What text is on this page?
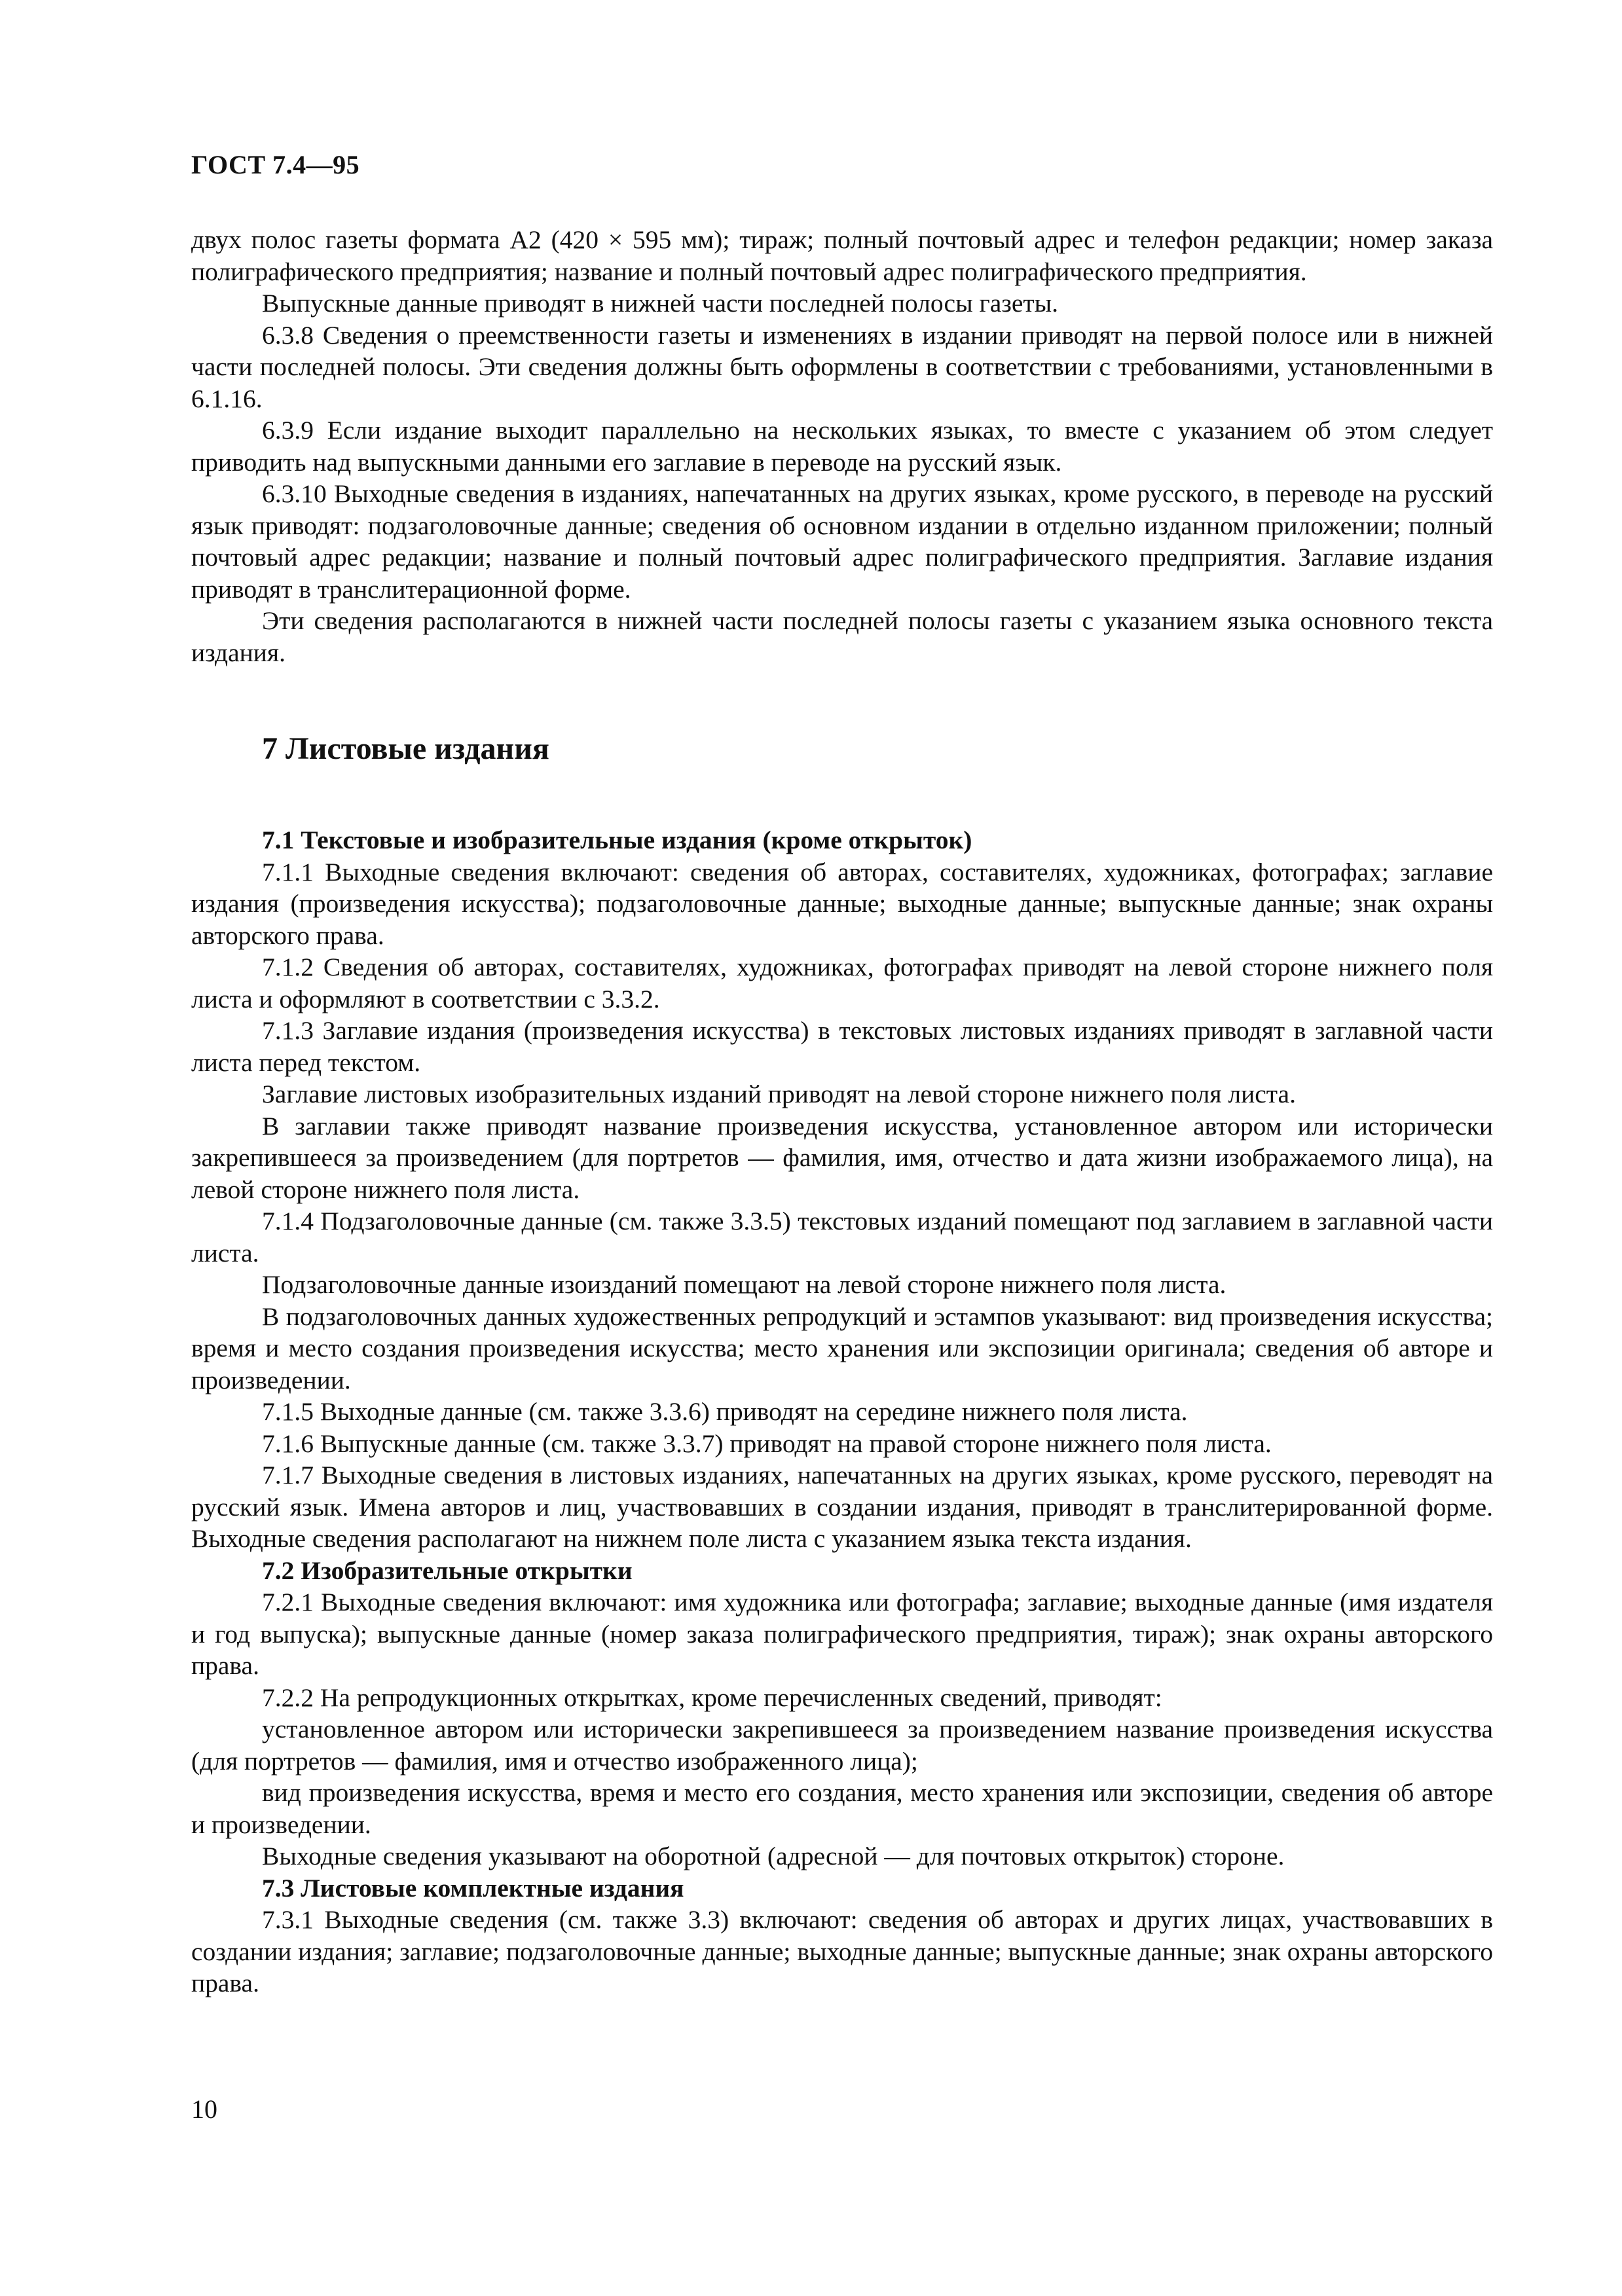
ГОСТ 7.4—95

двух полос газеты формата А2 (420 × 595 мм); тираж; полный почтовый адрес и телефон редакции; номер заказа полиграфического предприятия; название и полный почтовый адрес полиграфического предприятия.

Выпускные данные приводят в нижней части последней полосы газеты.

6.3.8 Сведения о преемственности газеты и изменениях в издании приводят на первой полосе или в нижней части последней полосы. Эти сведения должны быть оформлены в соответствии с требованиями, установленными в 6.1.16.

6.3.9 Если издание выходит параллельно на нескольких языках, то вместе с указанием об этом следует приводить над выпускными данными его заглавие в переводе на русский язык.

6.3.10 Выходные сведения в изданиях, напечатанных на других языках, кроме русского, в переводе на русский язык приводят: подзаголовочные данные; сведения об основном издании в отдельно изданном приложении; полный почтовый адрес редакции; название и полный почтовый адрес полиграфического предприятия. Заглавие издания приводят в транслитерационной форме.

Эти сведения располагаются в нижней части последней полосы газеты с указанием языка основного текста издания.

7 Листовые издания
7.1 Текстовые и изобразительные издания (кроме открыток)

7.1.1 Выходные сведения включают: сведения об авторах, составителях, художниках, фотографах; заглавие издания (произведения искусства); подзаголовочные данные; выходные данные; выпускные данные; знак охраны авторского права.

7.1.2 Сведения об авторах, составителях, художниках, фотографах приводят на левой стороне нижнего поля листа и оформляют в соответствии с 3.3.2.

7.1.3 Заглавие издания (произведения искусства) в текстовых листовых изданиях приводят в заглавной части листа перед текстом.

Заглавие листовых изобразительных изданий приводят на левой стороне нижнего поля листа.

В заглавии также приводят название произведения искусства, установленное автором или исторически закрепившееся за произведением (для портретов — фамилия, имя, отчество и дата жизни изображаемого лица), на левой стороне нижнего поля листа.

7.1.4 Подзаголовочные данные (см. также 3.3.5) текстовых изданий помещают под заглавием в заглавной части листа.

Подзаголовочные данные изоизданий помещают на левой стороне нижнего поля листа.

В подзаголовочных данных художественных репродукций и эстампов указывают: вид произведения искусства; время и место создания произведения искусства; место хранения или экспозиции оригинала; сведения об авторе и произведении.

7.1.5 Выходные данные (см. также 3.3.6) приводят на середине нижнего поля листа.

7.1.6 Выпускные данные (см. также 3.3.7) приводят на правой стороне нижнего поля листа.

7.1.7 Выходные сведения в листовых изданиях, напечатанных на других языках, кроме русского, переводят на русский язык. Имена авторов и лиц, участвовавших в создании издания, приводят в транслитерированной форме. Выходные сведения располагают на нижнем поле листа с указанием языка текста издания.

7.2 Изобразительные открытки

7.2.1 Выходные сведения включают: имя художника или фотографа; заглавие; выходные данные (имя издателя и год выпуска); выпускные данные (номер заказа полиграфического предприятия, тираж); знак охраны авторского права.

7.2.2 На репродукционных открытках, кроме перечисленных сведений, приводят:

установленное автором или исторически закрепившееся за произведением название произведения искусства (для портретов — фамилия, имя и отчество изображенного лица);

вид произведения искусства, время и место его создания, место хранения или экспозиции, сведения об авторе и произведении.

Выходные сведения указывают на оборотной (адресной — для почтовых открыток) стороне.

7.3 Листовые комплектные издания

7.3.1 Выходные сведения (см. также 3.3) включают: сведения об авторах и других лицах, участвовавших в создании издания; заглавие; подзаголовочные данные; выходные данные; выпускные данные; знак охраны авторского права.

10
